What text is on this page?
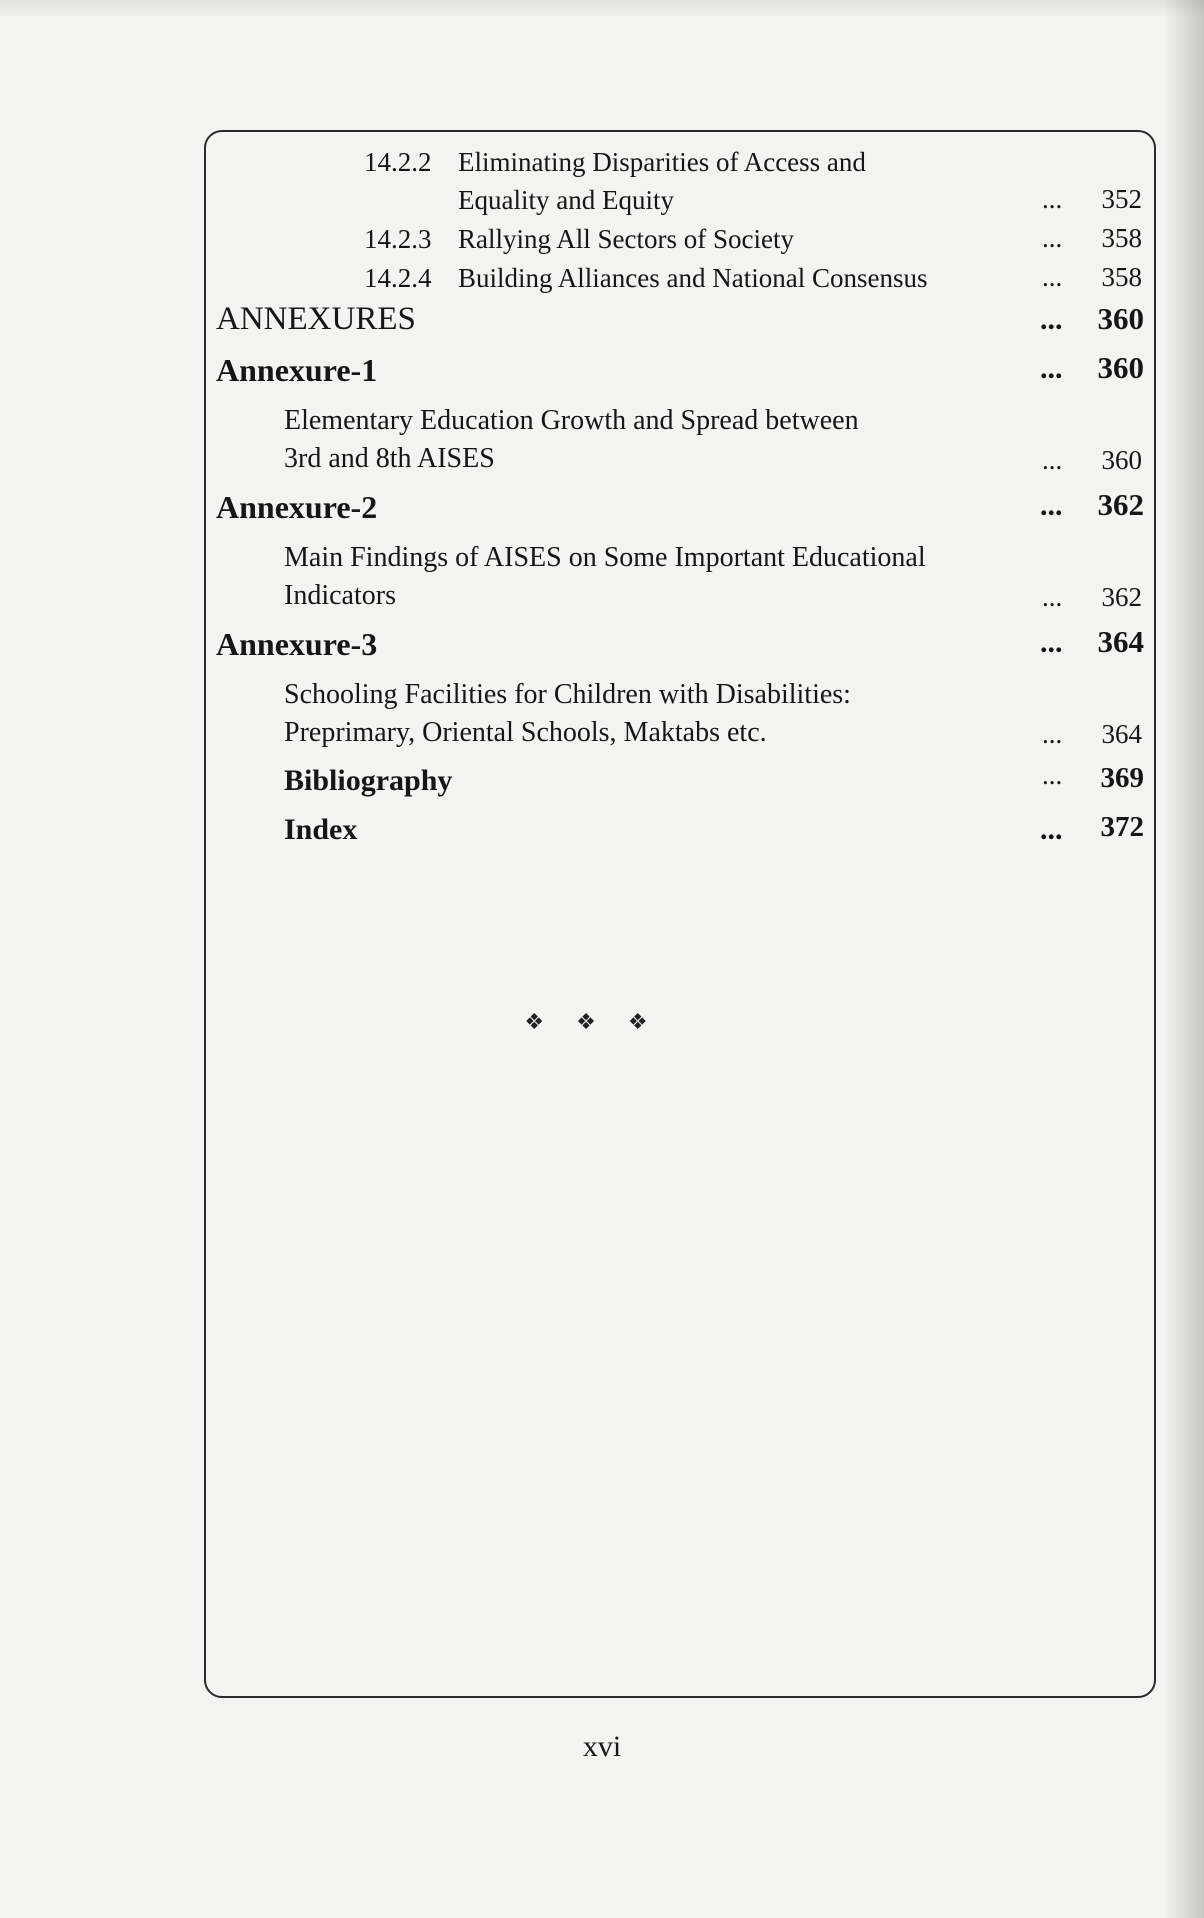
14.2.2 Eliminating Disparities of Access and
Equality and Equity	...	352
14.2.3 Rallying All Sectors of Society	...	358
14.2.4 Building Alliances and National Consensus	...	358
ANNEXURES	...	360
Annexure-1	...	360
Elementary Education Growth and Spread between
3rd and 8th AISES	...	360
Annexure-2	...	362
Main Findings of AISES on Some Important Educational
Indicators	...	362
Annexure-3	...	364
Schooling Facilities for Children with Disabilities:
Preprimary, Oriental Schools, Maktabs etc.	...	364
Bibliography	...	369
Index	...	372
❖❖❖
xvi
